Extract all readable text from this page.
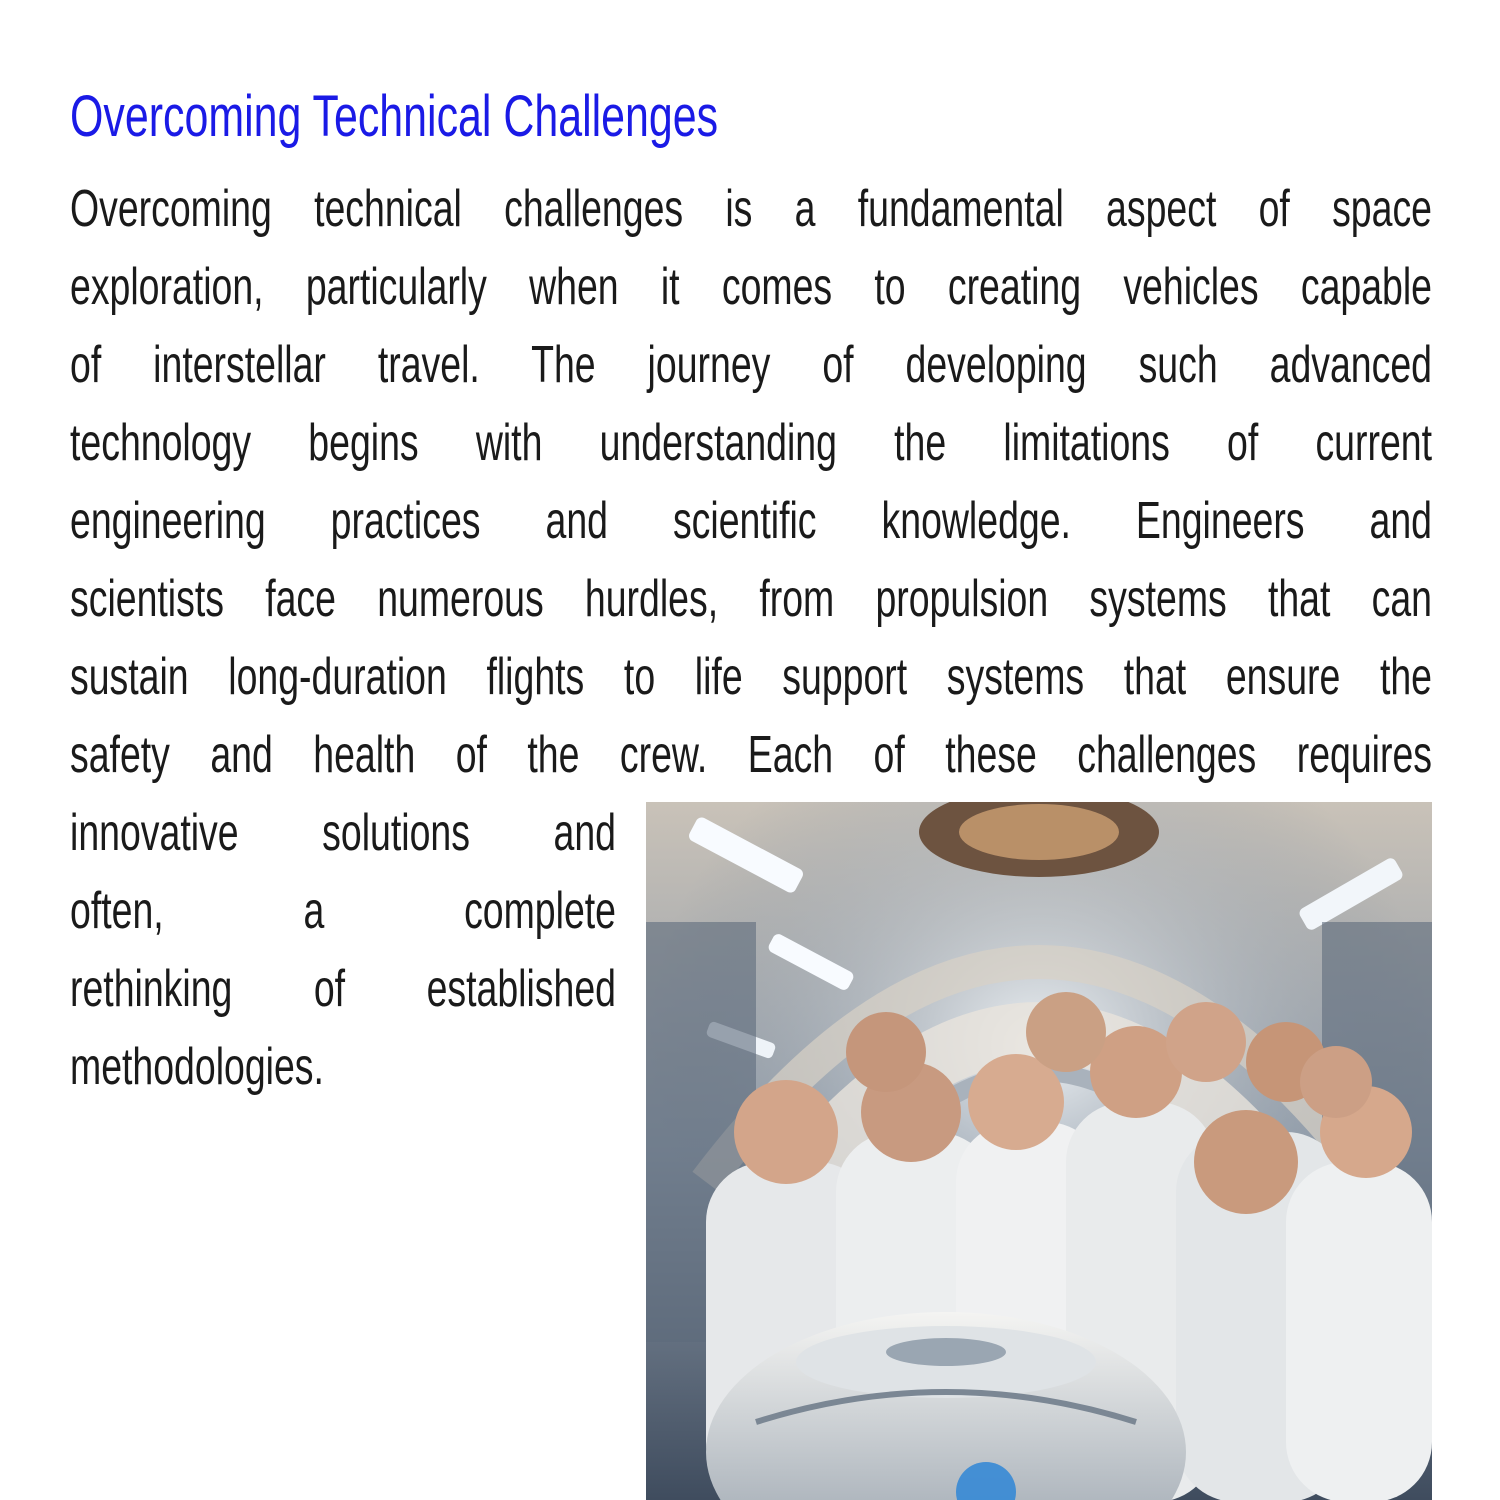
Overcoming Technical Challenges
Overcoming technical challenges is a fundamental aspect of space
exploration, particularly when it comes to creating vehicles capable
of interstellar travel. The journey of developing such advanced
technology begins with understanding the limitations of current
engineering practices and scientific knowledge. Engineers and
scientists face numerous hurdles, from propulsion systems that can
sustain long-duration flights to life support systems that ensure the
safety and health of the crew. Each of these challenges requires
innovative solutions and
often, a complete
rethinking of established
methodologies.
